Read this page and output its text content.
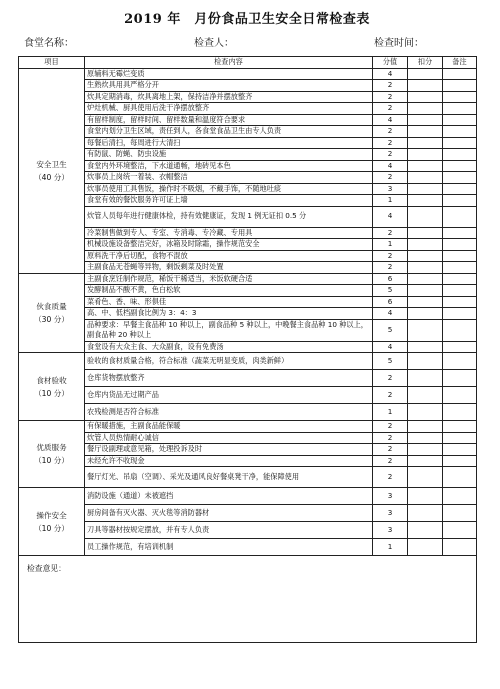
2019 年　月份食品卫生安全日常检查表
食堂名称：	检查人：	检查时间：
项目	检查内容	分值	扣分	备注

安全卫生
（40 分）	原辅料无霉烂变质	4		
	生熟炊具用具严格分开	2		
	炊具定期消毒，炊具离地上架，保持洁净并摆放整齐	2		
	炉灶机械、厨具使用后洗干净摆放整齐	2		
	有留样制度，留样时间、留样数量和温度符合要求	4		
	食堂内划分卫生区域，责任到人，各食堂食品卫生由专人负责	2		
	每餐后清扫，每周进行大清扫	2		
	有防鼠、防蝇、防虫设施	2		
	食堂内外环境整洁，下水道通畅，地砖见本色	4		
	炊事员上岗统一着装、衣帽整洁	2		
	炊事员使用工具售饭，操作时不吸烟，不戴手饰，不随地吐痰	3		
	食堂有效的餐饮服务许可证上墙	1		
	炊管人员每年进行健康体检，持有效健康证，发现 1 例无证扣 0.5 分	4		
	冷菜制售做到专人、专室、专消毒、专冷藏、专用具	2		
	机械设施设备整洁完好，冰箱及时除霜，操作规范安全	1		
	原料洗干净后切配，食物不混放	2		
	主副食品无苍蝇等异物，剩饭剩菜及时处置	2		

伙食质量
（30 分）	主副食烹饪制作规范，稀饭干稀适当，米饭软硬合适	6		
	发酵制品不酸不黄，色白松软	5		
	菜肴色、香、味、形俱佳	6		
	高、中、低档副食比例为 3：4：3	4		
	品种要求：早餐主食品种 10 种以上，副食品种 5 种以上，中晚餐主食品种 10 种以上，副食品种 20 种以上	5		
	食堂设有大众主食、大众副食，设有免费汤	4		

食材验收
（10 分）	验收的食材质量合格，符合标准（蔬菜无明显变质，肉类新鲜）	5		
	仓库货物摆放整齐	2		
	仓库内货品无过期产品	2		
	农残检测是否符合标准	1		

优质服务
（10 分）	有保暖措施，主副食品能保暖	2		
	炊管人员热情耐心诚信	2		
	餐厅设副理或意见箱，处理投诉及时	2		
	未经允许不收现金	2		
	餐厅灯光、吊扇（空调）、采光及通风良好餐桌凳干净，能保障使用	2		

操作安全
（10 分）	消防设施（通道）未被遮挡	3		
	厨房间备有灭火器、灭火毯等消防器材	3		
	刀具等器材按规定摆放，并有专人负责	3		
	员工操作规范，有培训机制	1		
检查意见：				
